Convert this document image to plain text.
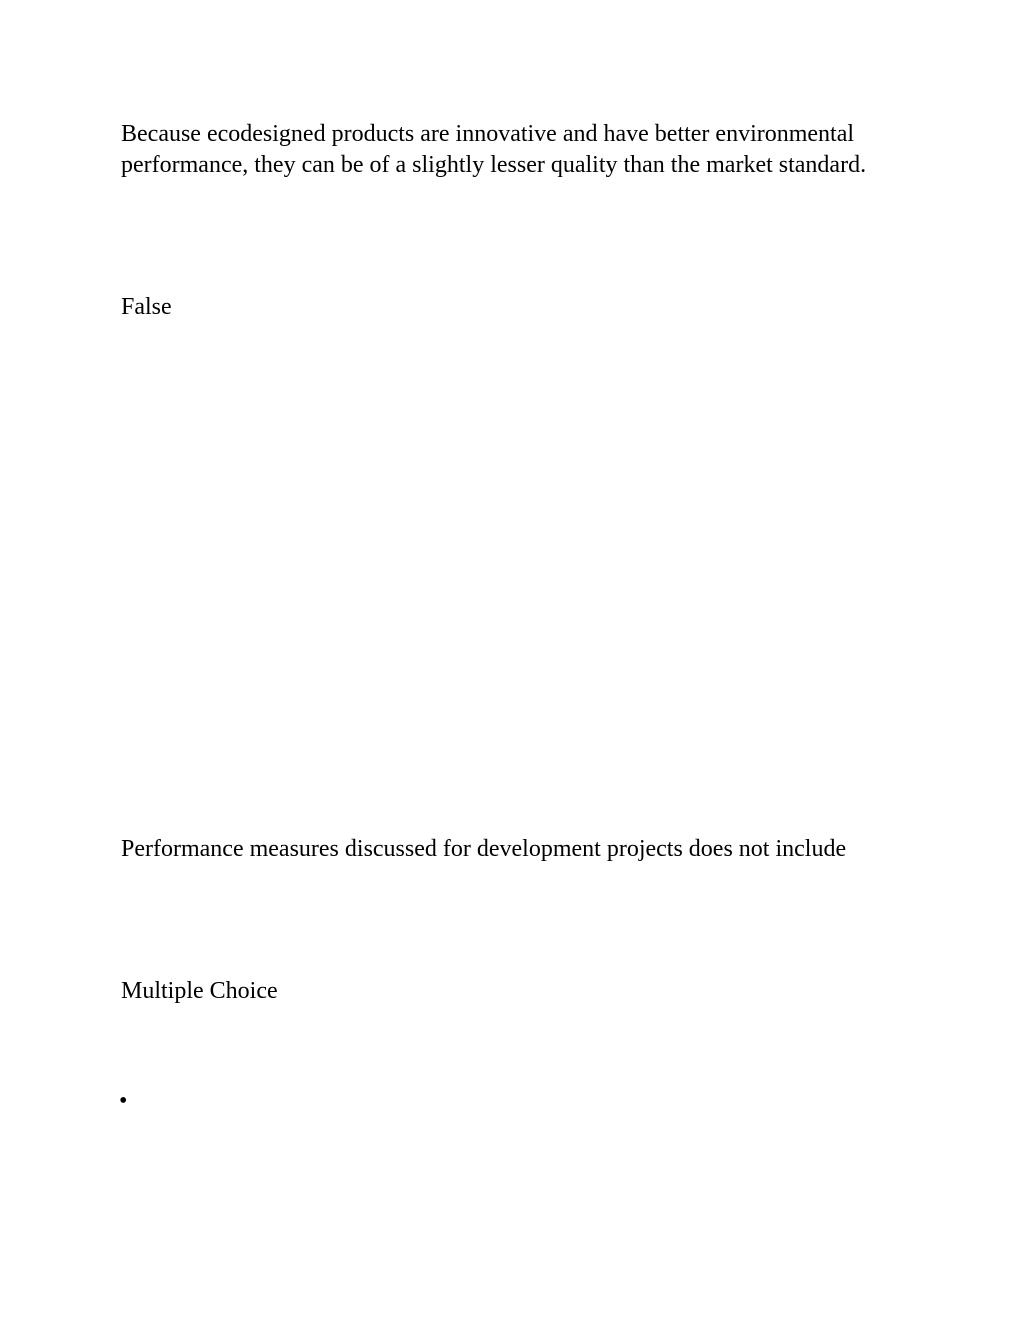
Because ecodesigned products are innovative and have better environmental performance, they can be of a slightly lesser quality than the market standard.

False

Performance measures discussed for development projects does not include

Multiple Choice

•
